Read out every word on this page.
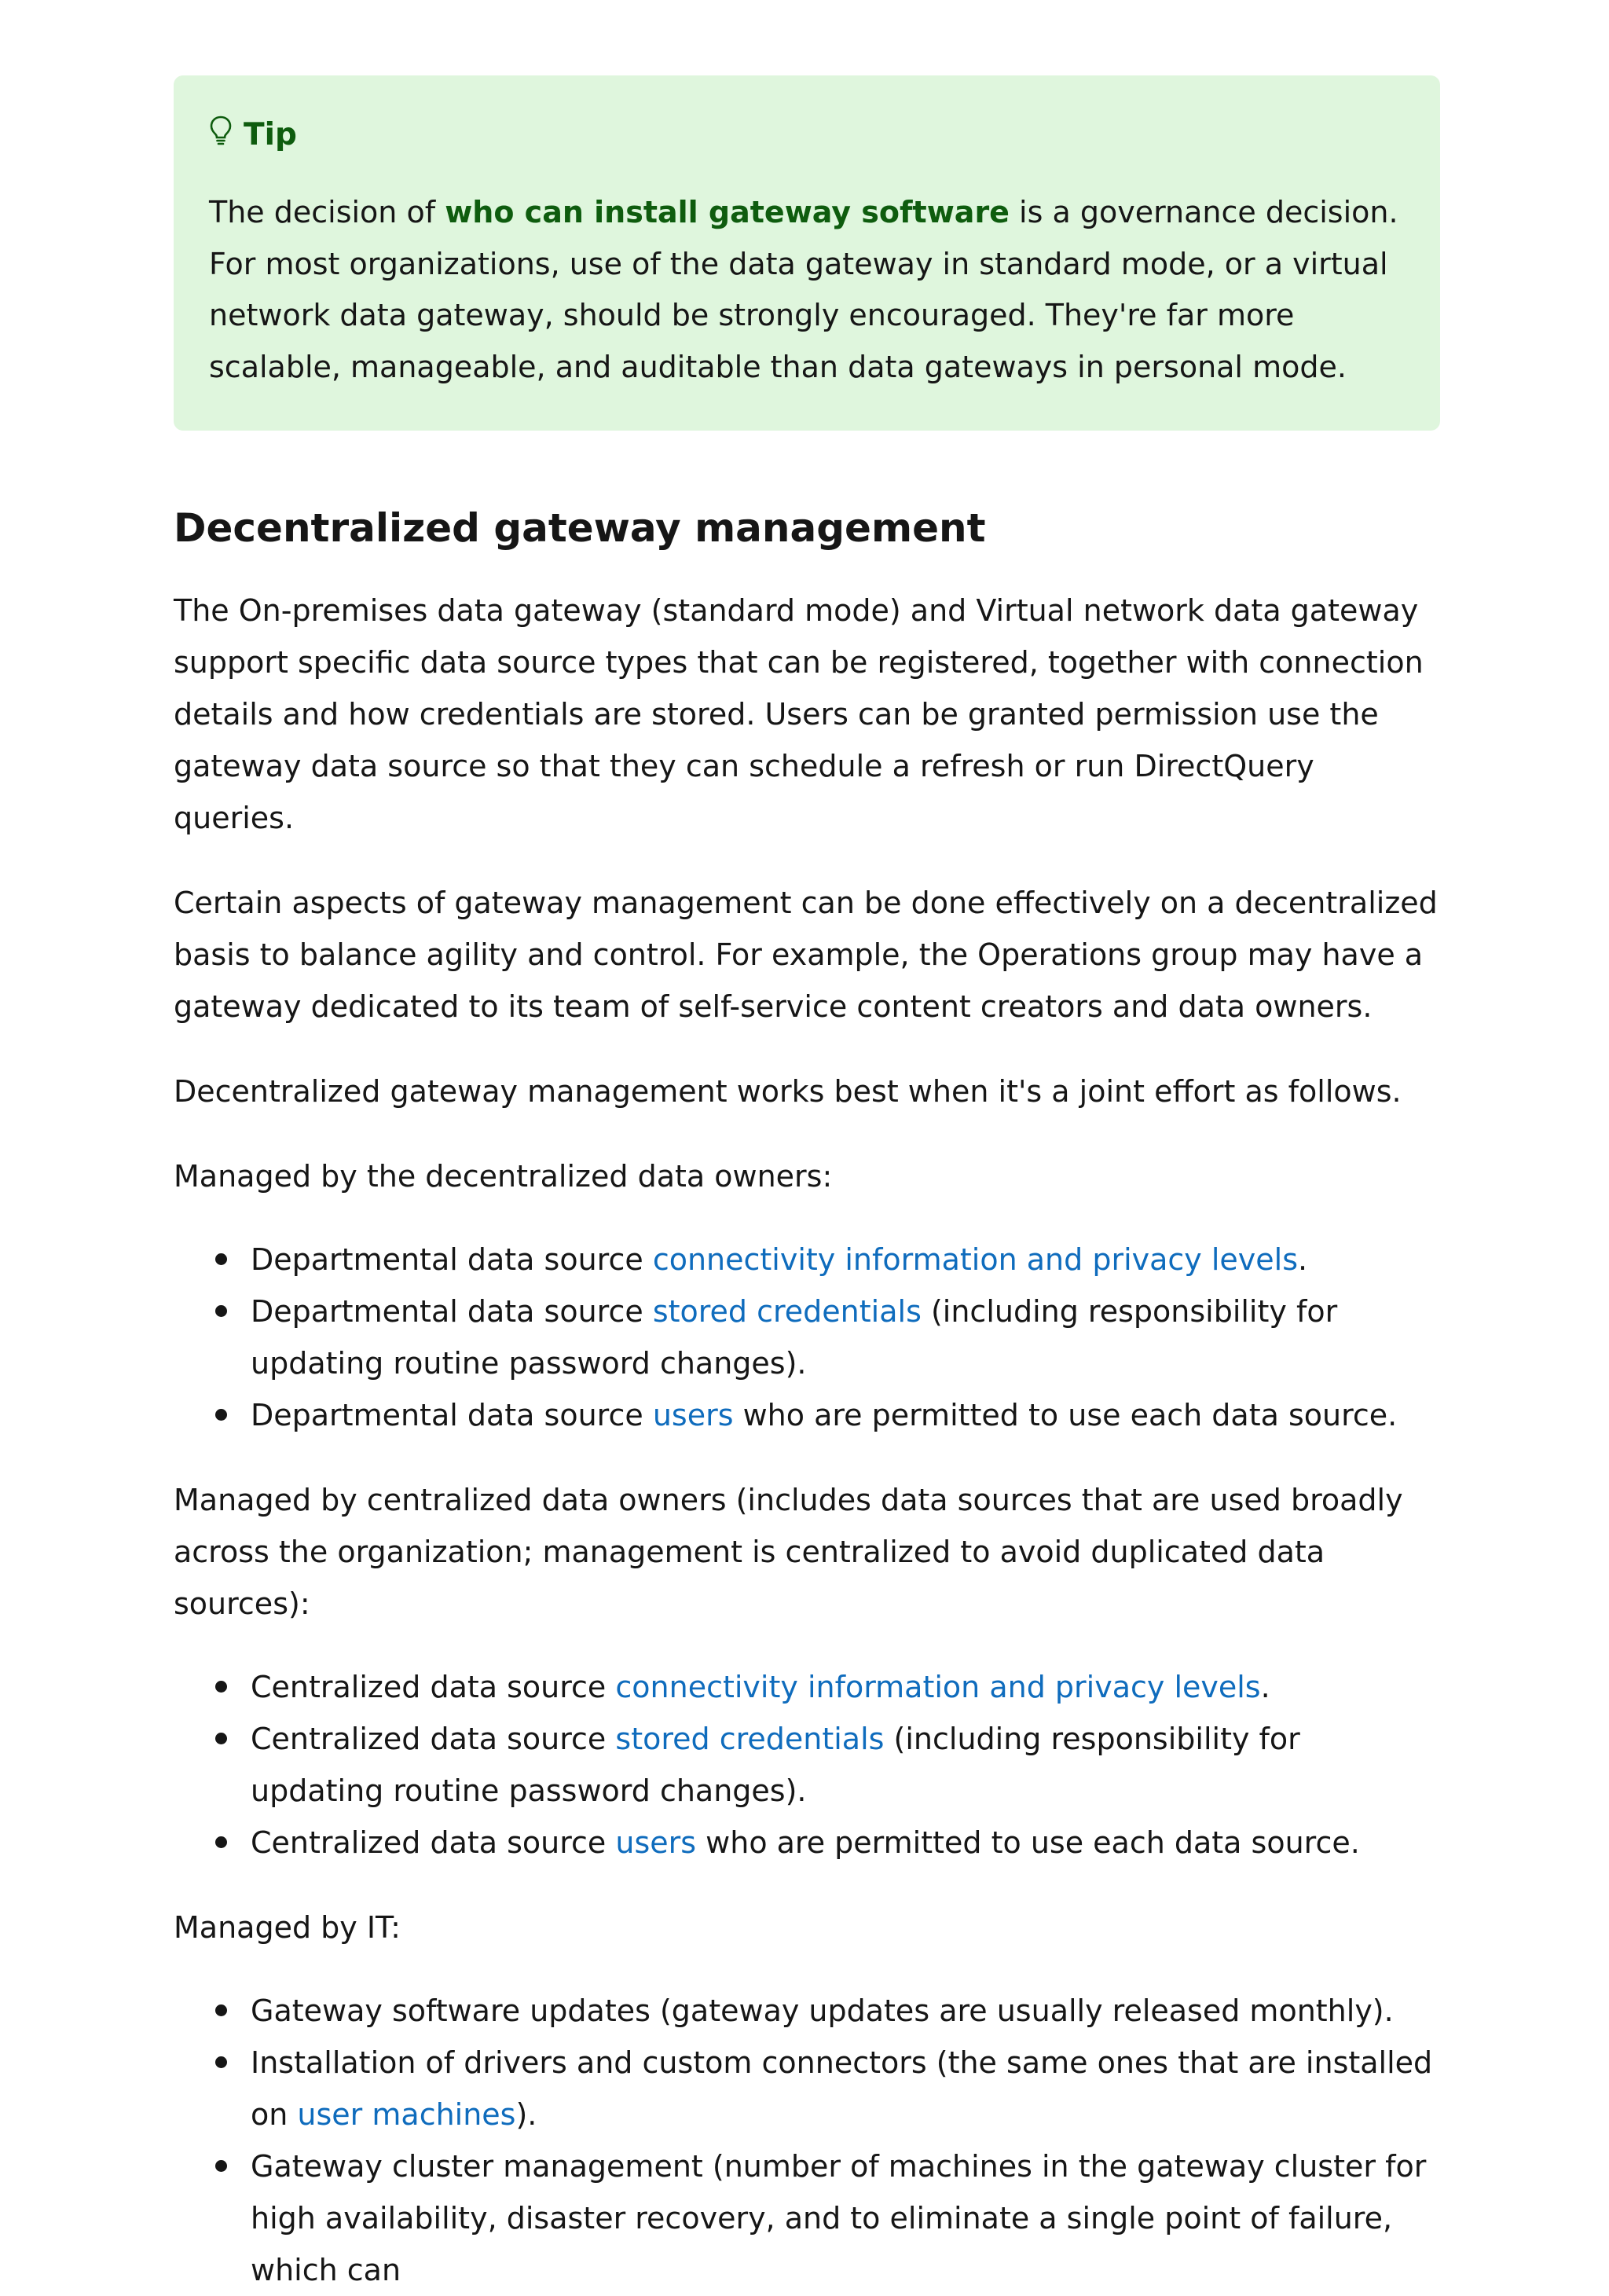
Tip
The decision of who can install gateway software is a governance decision. For most organizations, use of the data gateway in standard mode, or a virtual network data gateway, should be strongly encouraged. They're far more scalable, manageable, and auditable than data gateways in personal mode.
Decentralized gateway management

The On-premises data gateway (standard mode) and Virtual network data gateway support specific data source types that can be registered, together with connection details and how credentials are stored. Users can be granted permission use the gateway data source so that they can schedule a refresh or run DirectQuery queries.

Certain aspects of gateway management can be done effectively on a decentralized basis to balance agility and control. For example, the Operations group may have a gateway dedicated to its team of self-service content creators and data owners.

Decentralized gateway management works best when it's a joint effort as follows.

Managed by the decentralized data owners:

Departmental data source connectivity information and privacy levels.
Departmental data source stored credentials (including responsibility for updating routine password changes).
Departmental data source users who are permitted to use each data source.

Managed by centralized data owners (includes data sources that are used broadly across the organization; management is centralized to avoid duplicated data sources):

Centralized data source connectivity information and privacy levels.
Centralized data source stored credentials (including responsibility for updating routine password changes).
Centralized data source users who are permitted to use each data source.

Managed by IT:

Gateway software updates (gateway updates are usually released monthly).
Installation of drivers and custom connectors (the same ones that are installed on user machines).
Gateway cluster management (number of machines in the gateway cluster for high availability, disaster recovery, and to eliminate a single point of failure, which can
